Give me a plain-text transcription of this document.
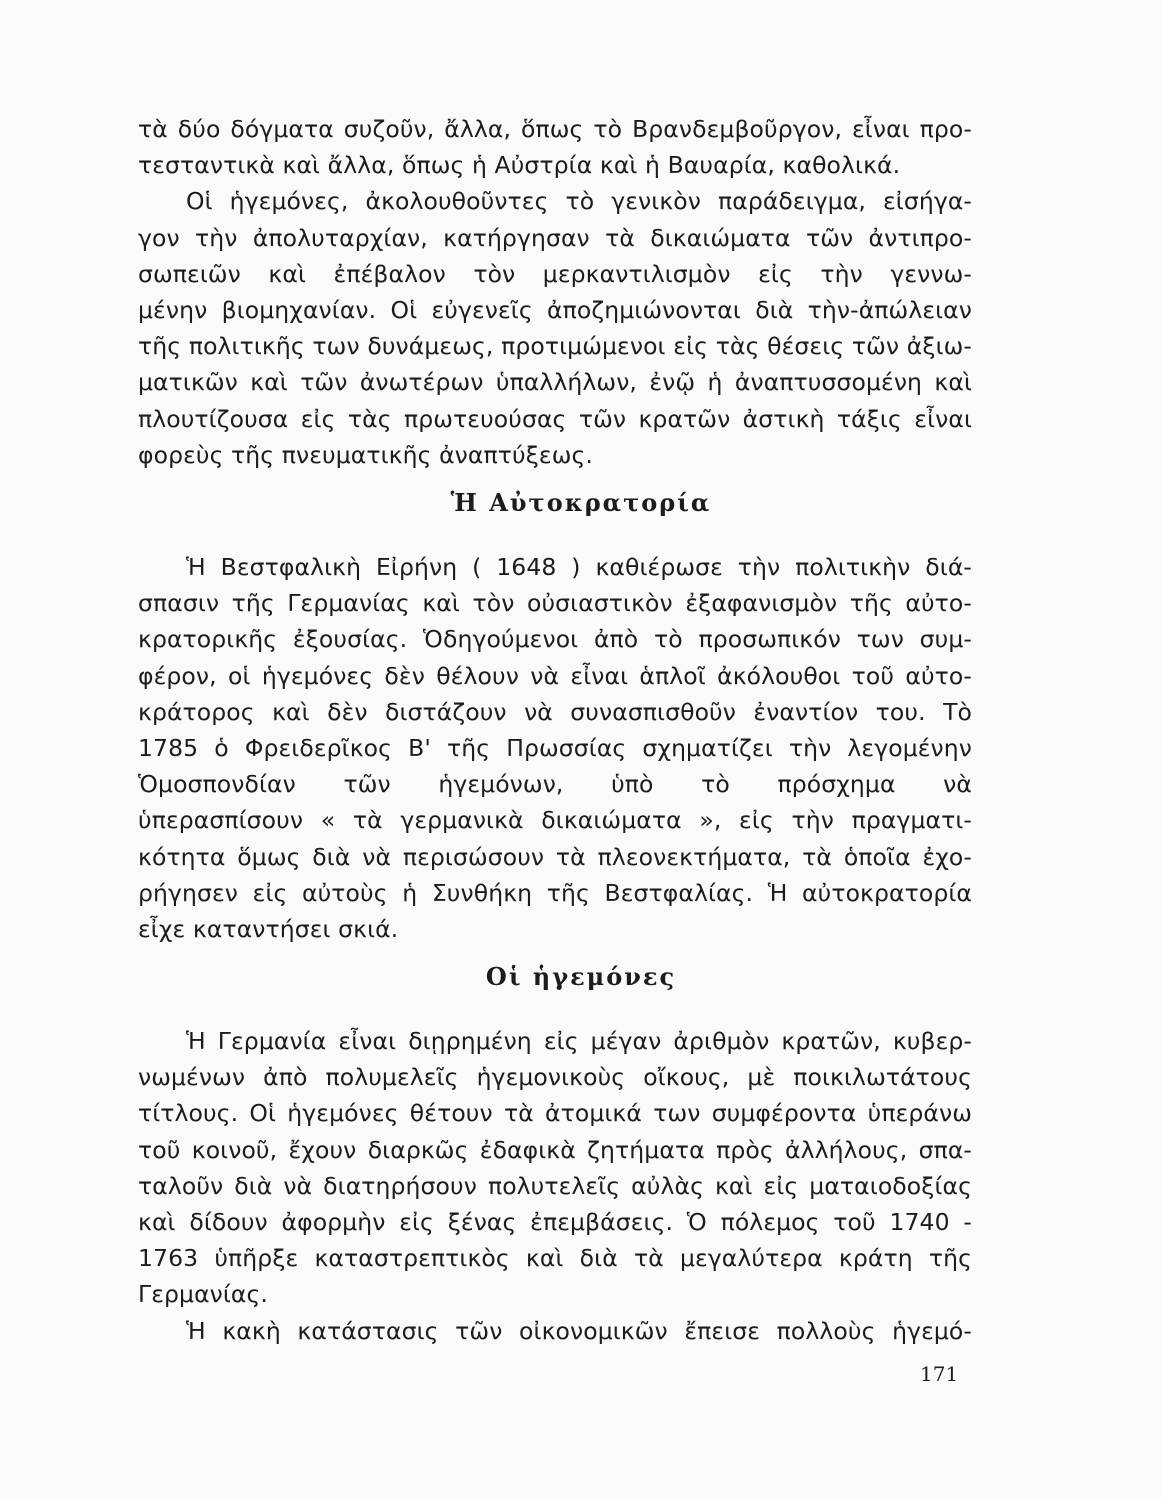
τὰ δύο δόγματα συζοῦν, ἄλλα, ὅπως τὸ Βρανδεμβοῦργον, εἶναι προ-
τεσταντικὰ καὶ ἄλλα, ὅπως ἡ Αὐστρία καὶ ἡ Βαυαρία, καθολικά.
Οἱ ἡγεμόνες, ἀκολουθοῦντες τὸ γενικὸν παράδειγμα, εἰσήγα-
γον τὴν ἀπολυταρχίαν, κατήργησαν τὰ δικαιώματα τῶν ἀντιπρο-
σωπειῶν καὶ ἐπέβαλον τὸν μερκαντιλισμὸν εἰς τὴν γεννω-
μένην βιομηχανίαν. Οἱ εὐγενεῖς ἀποζημιώνονται διὰ τὴν-ἀπώλειαν
τῆς πολιτικῆς των δυνάμεως, προτιμώμενοι εἰς τὰς θέσεις τῶν ἀξιω-
ματικῶν καὶ τῶν ἀνωτέρων ὑπαλλήλων, ἐνῷ ἡ ἀναπτυσσομένη καὶ
πλουτίζουσα εἰς τὰς πρωτευούσας τῶν κρατῶν ἀστικὴ τάξις εἶναι
φορεὺς τῆς πνευματικῆς ἀναπτύξεως.
Ἡ Αὐτοκρατορία
Ἡ Βεστφαλικὴ Εἰρήνη ( 1648 ) καθιέρωσε τὴν πολιτικὴν διά-
σπασιν τῆς Γερμανίας καὶ τὸν οὐσιαστικὸν ἐξαφανισμὸν τῆς αὐτο-
κρατορικῆς ἐξουσίας. Ὁδηγούμενοι ἀπὸ τὸ προσωπικόν των συμ-
φέρον, οἱ ἡγεμόνες δὲν θέλουν νὰ εἶναι ἁπλοῖ ἀκόλουθοι τοῦ αὐτο-
κράτορος καὶ δὲν διστάζουν νὰ συνασπισθοῦν ἐναντίον του. Τὸ
1785 ὁ Φρειδερῖκος Β' τῆς Πρωσσίας σχηματίζει τὴν λεγομένην
Ὁμοσπονδίαν τῶν ἡγεμόνων, ὑπὸ τὸ πρόσχημα νὰ
ὑπερασπίσουν « τὰ γερμανικὰ δικαιώματα », εἰς τὴν πραγματι-
κότητα ὅμως διὰ νὰ περισώσουν τὰ πλεονεκτήματα, τὰ ὁποῖα ἐχο-
ρήγησεν εἰς αὐτοὺς ἡ Συνθήκη τῆς Βεστφαλίας. Ἡ αὐτοκρατορία
εἶχε καταντήσει σκιά.
Οἱ ἡγεμόνες
Ἡ Γερμανία εἶναι διῃρημένη εἰς μέγαν ἀριθμὸν κρατῶν, κυβερ-
νωμένων ἀπὸ πολυμελεῖς ἡγεμονικοὺς οἴκους, μὲ ποικιλωτάτους
τίτλους. Οἱ ἡγεμόνες θέτουν τὰ ἀτομικά των συμφέροντα ὑπεράνω
τοῦ κοινοῦ, ἔχουν διαρκῶς ἐδαφικὰ ζητήματα πρὸς ἀλλήλους, σπα-
ταλοῦν διὰ νὰ διατηρήσουν πολυτελεῖς αὐλὰς καὶ εἰς ματαιοδοξίας
καὶ δίδουν ἀφορμὴν εἰς ξένας ἐπεμβάσεις. Ὁ πόλεμος τοῦ 1740 -
1763 ὑπῆρξε καταστρεπτικὸς καὶ διὰ τὰ μεγαλύτερα κράτη τῆς
Γερμανίας.
Ἡ κακὴ κατάστασις τῶν οἰκονομικῶν ἔπεισε πολλοὺς ἡγεμό-
171
